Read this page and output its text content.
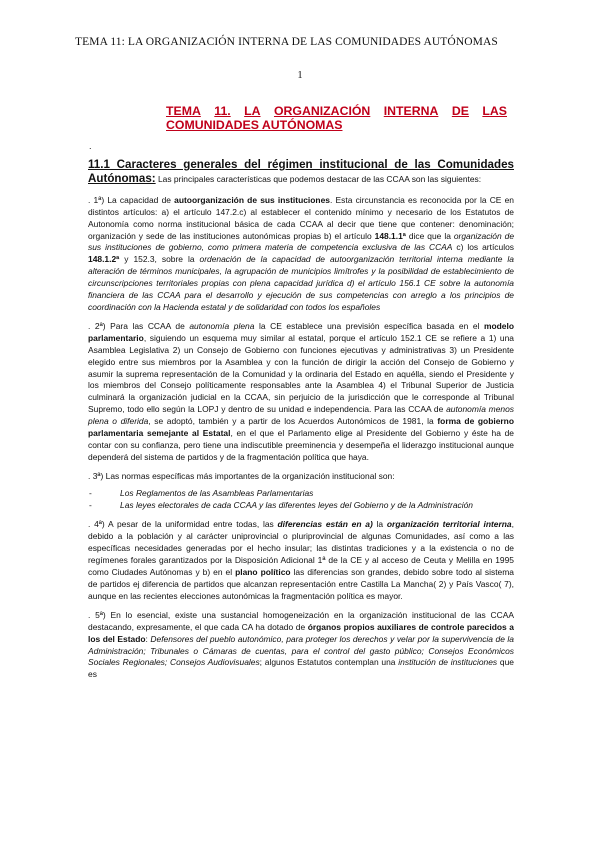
TEMA 11: LA ORGANIZACIÓN INTERNA DE LAS COMUNIDADES AUTÓNOMAS
1
TEMA 11. LA ORGANIZACIÓN INTERNA DE LAS
COMUNIDADES AUTÓNOMAS
.

11.1 Caracteres generales del régimen institucional de las Comunidades Autónomas: Las principales características que podemos destacar de las CCAA son las siguientes:

. 1ª) La capacidad de autoorganización de sus instituciones. Esta circunstancia es reconocida por la CE en distintos artículos: a) el artículo 147.2.c) al establecer el contenido mínimo y necesario de los Estatutos de Autonomía como norma institucional básica de cada CCAA al decir que tiene que contener: denominación; organización y sede de las instituciones autonómicas propias b) el artículo 148.1.1ª dice que la organización de sus instituciones de gobierno, como primera materia de competencia exclusiva de las CCAA c) los artículos 148.1.2ª y 152.3, sobre la ordenación de la capacidad de autoorganización territorial interna mediante la alteración de términos municipales, la agrupación de municipios limítrofes y la posibilidad de establecimiento de circunscripciones territoriales propias con plena capacidad jurídica d) el artículo 156.1 CE sobre la autonomía financiera de las CCAA para el desarrollo y ejecución de sus competencias con arreglo a los principios de coordinación con la Hacienda estatal y de solidaridad con todos los españoles

. 2ª) Para las CCAA de autonomía plena la CE establece una previsión específica basada en el modelo parlamentario, siguiendo un esquema muy similar al estatal, porque el artículo 152.1 CE se refiere a 1) una Asamblea Legislativa 2) un Consejo de Gobierno con funciones ejecutivas y administrativas 3) un Presidente elegido entre sus miembros por la Asamblea y con la función de dirigir la acción del Consejo de Gobierno y asumir la suprema representación de la Comunidad y la ordinaria del Estado en aquélla, siendo el Presidente y los miembros del Consejo políticamente responsables ante la Asamblea 4) el Tribunal Superior de Justicia culminará la organización judicial en la CCAA, sin perjuicio de la jurisdicción que le corresponde al Tribunal Supremo, todo ello según la LOPJ y dentro de su unidad e independencia. Para las CCAA de autonomía menos plena o diferida, se adoptó, también y a partir de los Acuerdos Autonómicos de 1981, la forma de gobierno parlamentaria semejante al Estatal, en el que el Parlamento elige al Presidente del Gobierno y éste ha de contar con su confianza, pero tiene una indiscutible preeminencia y desempeña el liderazgo institucional aunque dependerá del sistema de partidos y de la fragmentación política que haya.

. 3ª) Las normas específicas más importantes de la organización institucional son:

- Los Reglamentos de las Asambleas Parlamentarias
- Las leyes electorales de cada CCAA y las diferentes leyes del Gobierno y de la Administración

. 4ª) A pesar de la uniformidad entre todas, las diferencias están en a) la organización territorial interna, debido a la población y al carácter uniprovincial o pluriprovincial de algunas Comunidades, así como a las específicas necesidades generadas por el hecho insular; las distintas tradiciones y a la existencia o no de regímenes forales garantizados por la Disposición Adicional 1ª de la CE y al acceso de Ceuta y Melilla en 1995 como Ciudades Autónomas y b) en el plano político las diferencias son grandes, debido sobre todo al sistema de partidos ej diferencia de partidos que alcanzan representación entre Castilla La Mancha( 2) y País Vasco( 7), aunque en las recientes elecciones autonómicas la fragmentación política es mayor.

. 5ª) En lo esencial, existe una sustancial homogeneización en la organización institucional de las CCAA destacando, expresamente, el que cada CA ha dotado de órganos propios auxiliares de controle parecidos a los del Estado: Defensores del pueblo autonómico, para proteger los derechos y velar por la supervivencia de la Administración; Tribunales o Cámaras de cuentas, para el control del gasto público; Consejos Económicos Sociales Regionales; Consejos Audiovisuales; algunos Estatutos contemplan una institución de instituciones que es
